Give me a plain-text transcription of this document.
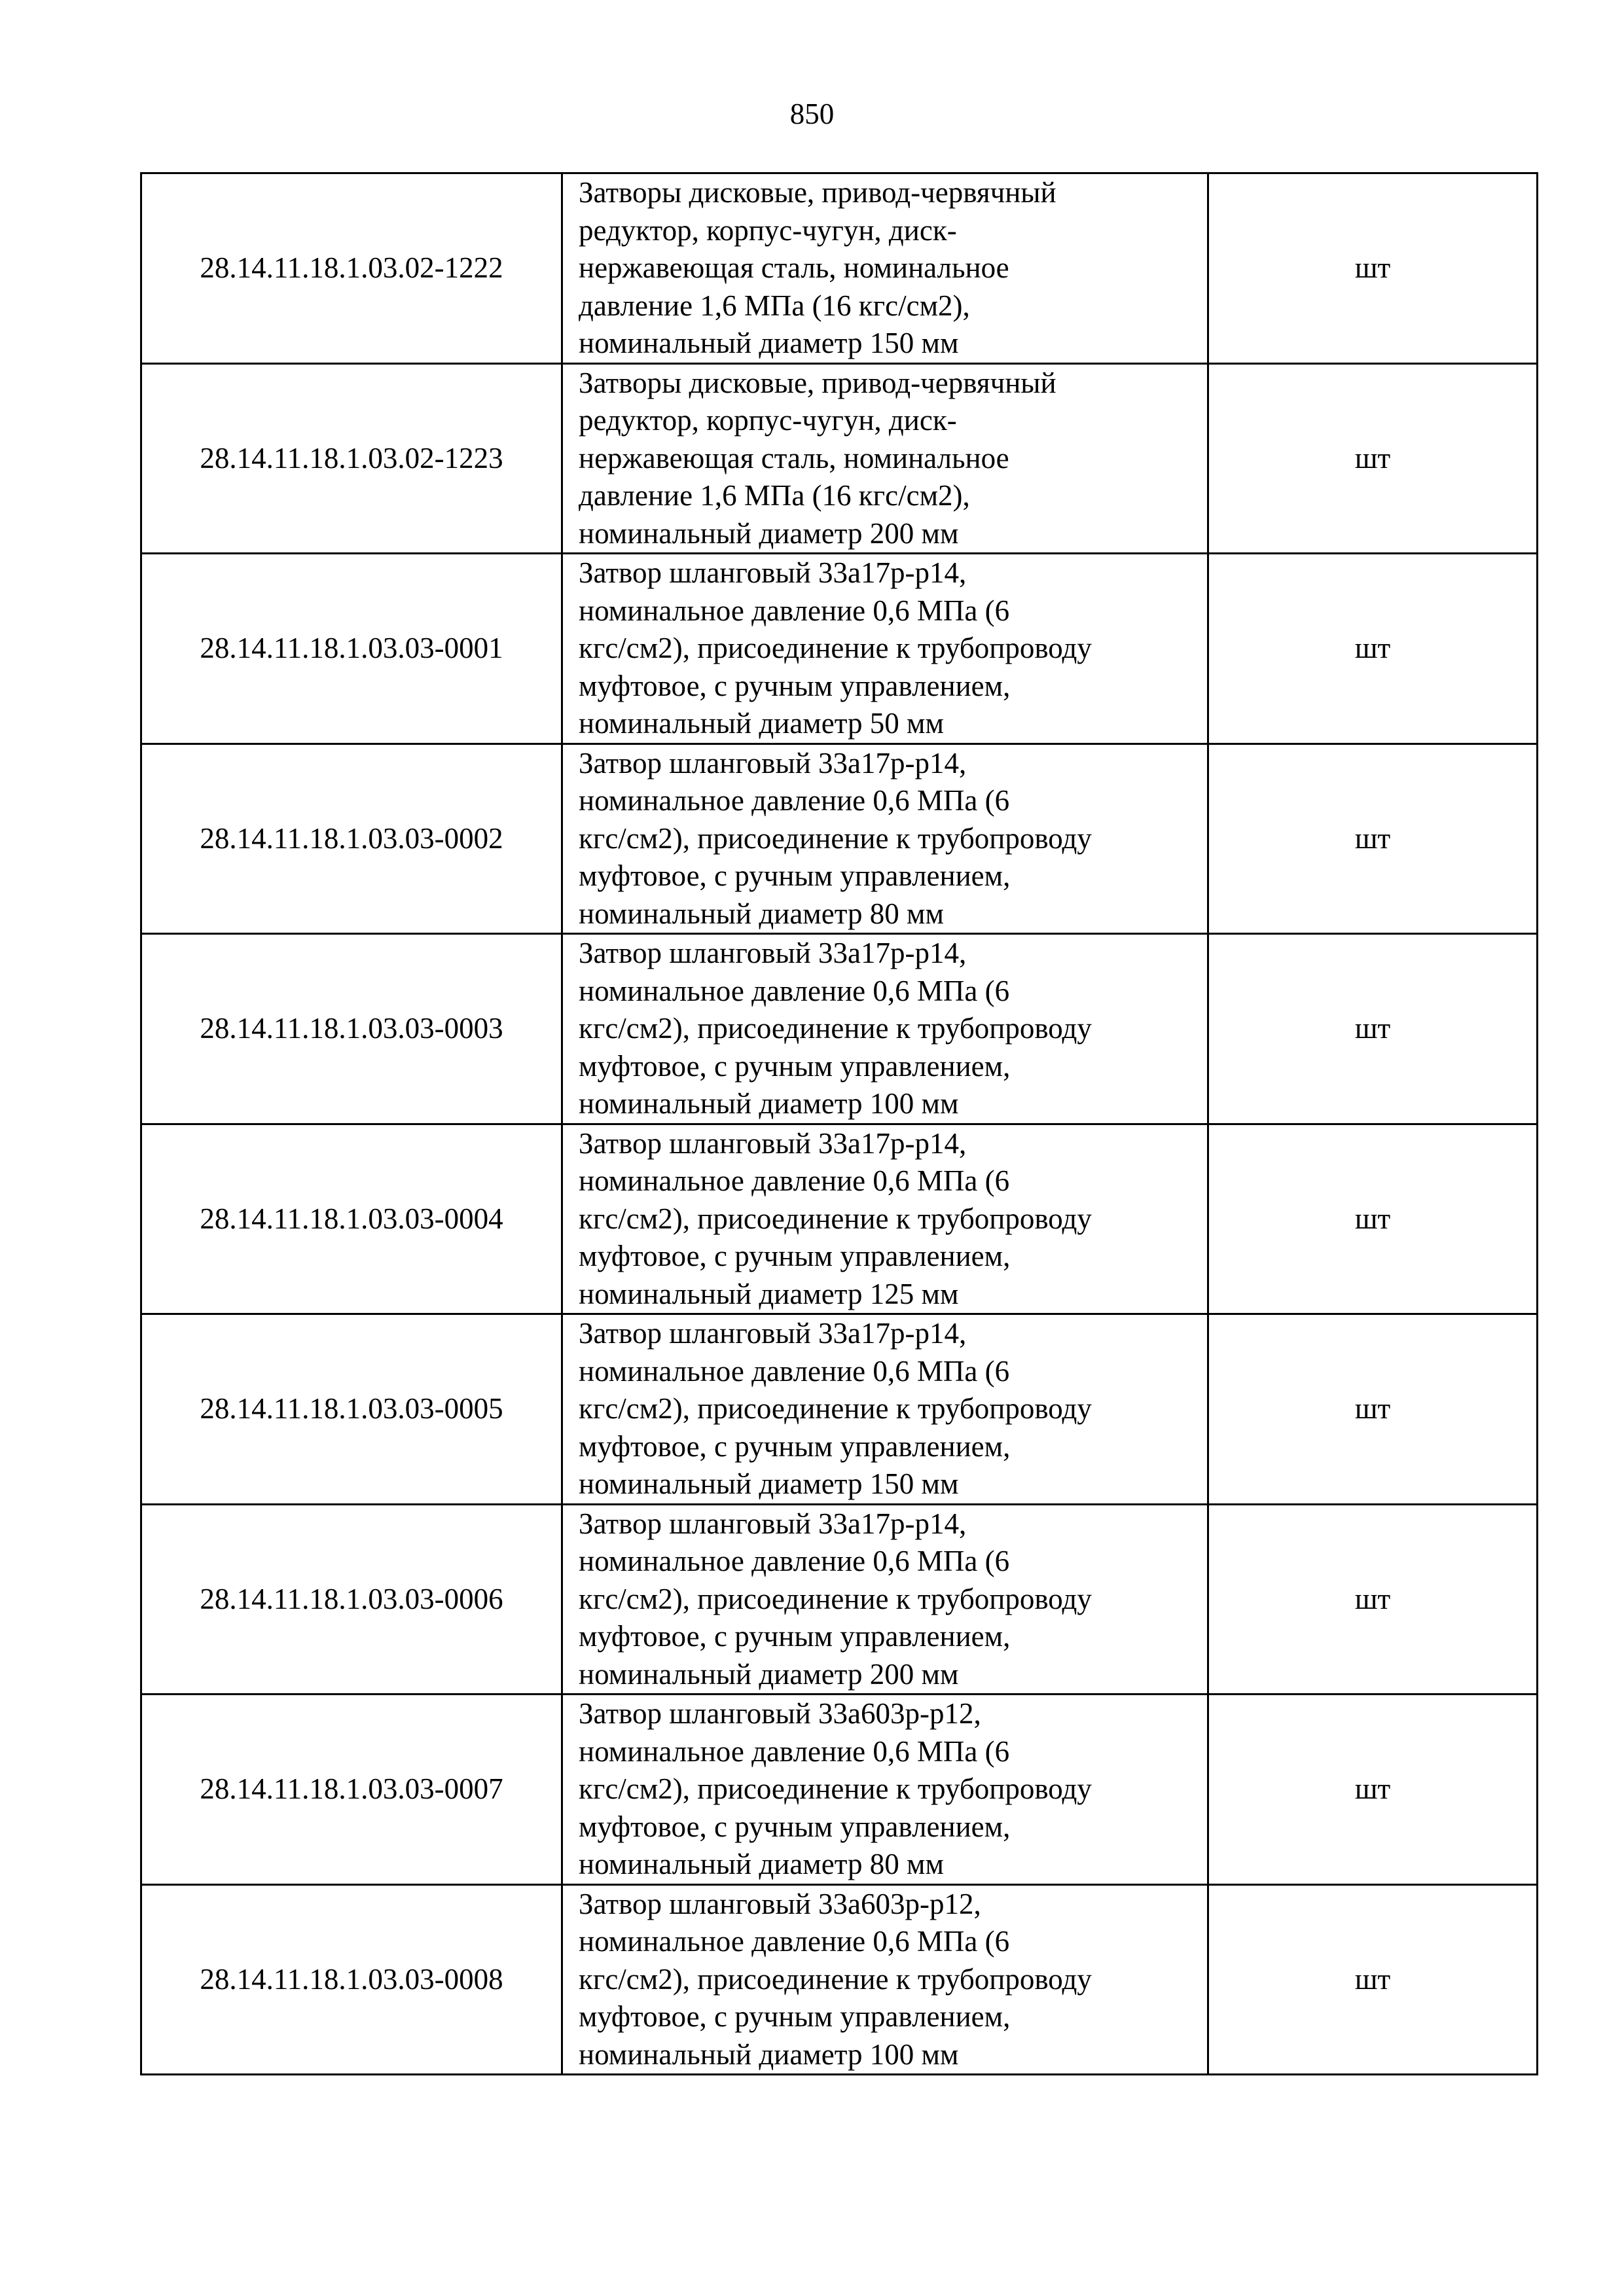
850
28.14.11.18.1.03.02-1222	Затворы дисковые, привод-червячный
редуктор, корпус-чугун, диск-
нержавеющая сталь, номинальное
давление 1,6 МПа (16 кгс/см2),
номинальный диаметр 150 мм	шт
28.14.11.18.1.03.02-1223	Затворы дисковые, привод-червячный
редуктор, корпус-чугун, диск-
нержавеющая сталь, номинальное
давление 1,6 МПа (16 кгс/см2),
номинальный диаметр 200 мм	шт
28.14.11.18.1.03.03-0001	Затвор шланговый 33а17р-р14,
номинальное давление 0,6 МПа (6
кгс/см2), присоединение к трубопроводу
муфтовое, с ручным управлением,
номинальный диаметр 50 мм	шт
28.14.11.18.1.03.03-0002	Затвор шланговый 33а17р-р14,
номинальное давление 0,6 МПа (6
кгс/см2), присоединение к трубопроводу
муфтовое, с ручным управлением,
номинальный диаметр 80 мм	шт
28.14.11.18.1.03.03-0003	Затвор шланговый 33а17р-р14,
номинальное давление 0,6 МПа (6
кгс/см2), присоединение к трубопроводу
муфтовое, с ручным управлением,
номинальный диаметр 100 мм	шт
28.14.11.18.1.03.03-0004	Затвор шланговый 33а17р-р14,
номинальное давление 0,6 МПа (6
кгс/см2), присоединение к трубопроводу
муфтовое, с ручным управлением,
номинальный диаметр 125 мм	шт
28.14.11.18.1.03.03-0005	Затвор шланговый 33а17р-р14,
номинальное давление 0,6 МПа (6
кгс/см2), присоединение к трубопроводу
муфтовое, с ручным управлением,
номинальный диаметр 150 мм	шт
28.14.11.18.1.03.03-0006	Затвор шланговый 33а17р-р14,
номинальное давление 0,6 МПа (6
кгс/см2), присоединение к трубопроводу
муфтовое, с ручным управлением,
номинальный диаметр 200 мм	шт
28.14.11.18.1.03.03-0007	Затвор шланговый 33а603р-р12,
номинальное давление 0,6 МПа (6
кгс/см2), присоединение к трубопроводу
муфтовое, с ручным управлением,
номинальный диаметр 80 мм	шт
28.14.11.18.1.03.03-0008	Затвор шланговый 33а603р-р12,
номинальное давление 0,6 МПа (6
кгс/см2), присоединение к трубопроводу
муфтовое, с ручным управлением,
номинальный диаметр 100 мм	шт
